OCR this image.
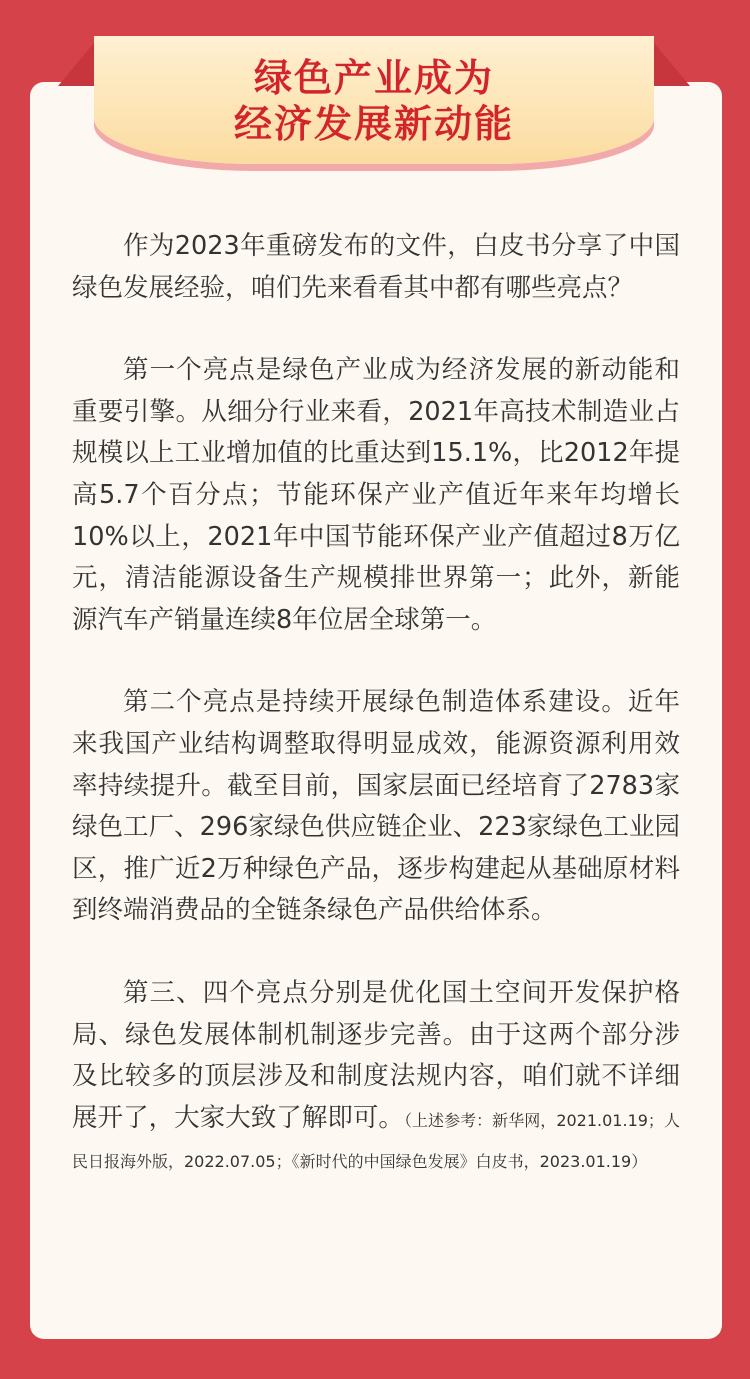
绿色产业成为
经济发展新动能

作为2023年重磅发布的文件，白皮书分享了中国绿色发展经验，咱们先来看看其中都有哪些亮点？

第一个亮点是绿色产业成为经济发展的新动能和重要引擎。从细分行业来看，2021年高技术制造业占规模以上工业增加值的比重达到15.1%，比2012年提高5.7个百分点；节能环保产业产值近年来年均增长10%以上，2021年中国节能环保产业产值超过8万亿元，清洁能源设备生产规模排世界第一；此外，新能源汽车产销量连续8年位居全球第一。

第二个亮点是持续开展绿色制造体系建设。近年来我国产业结构调整取得明显成效，能源资源利用效率持续提升。截至目前，国家层面已经培育了2783家绿色工厂、296家绿色供应链企业、223家绿色工业园区，推广近2万种绿色产品，逐步构建起从基础原材料到终端消费品的全链条绿色产品供给体系。

第三、四个亮点分别是优化国土空间开发保护格局、绿色发展体制机制逐步完善。由于这两个部分涉及比较多的顶层涉及和制度法规内容，咱们就不详细展开了，大家大致了解即可。（上述参考：新华网，2021.01.19；人民日报海外版，2022.07.05；《新时代的中国绿色发展》白皮书，2023.01.19）
